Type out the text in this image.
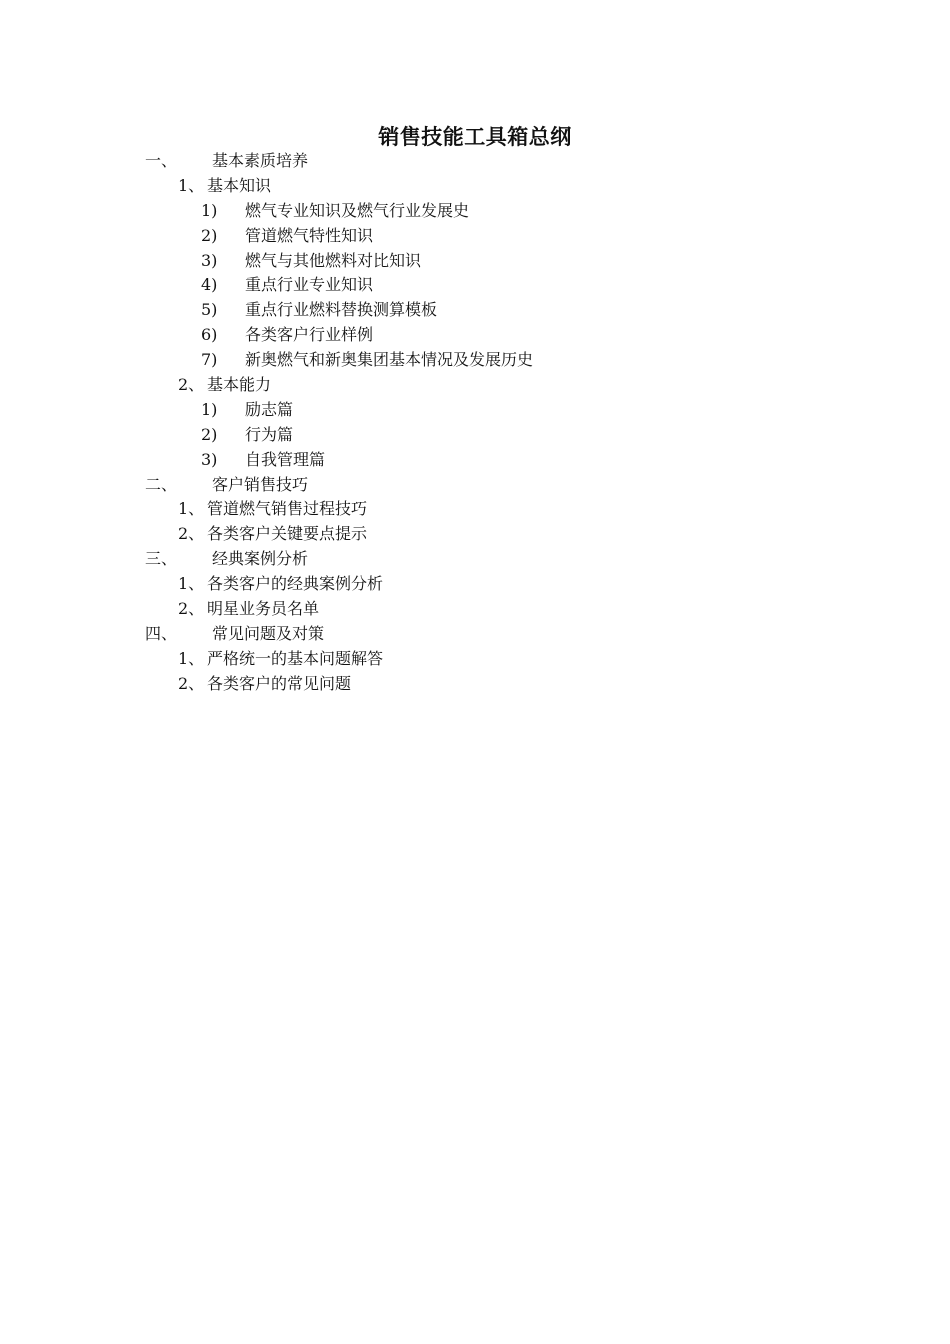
销售技能工具箱总纲
一、 基本素质培养
1、 基本知识
1) 燃气专业知识及燃气行业发展史
2) 管道燃气特性知识
3) 燃气与其他燃料对比知识
4) 重点行业专业知识
5) 重点行业燃料替换测算模板
6) 各类客户行业样例
7) 新奥燃气和新奥集团基本情况及发展历史
2、 基本能力
1) 励志篇
2) 行为篇
3) 自我管理篇
二、 客户销售技巧
1、 管道燃气销售过程技巧
2、 各类客户关键要点提示
三、 经典案例分析
1、 各类客户的经典案例分析
2、 明星业务员名单
四、 常见问题及对策
1、 严格统一的基本问题解答
2、 各类客户的常见问题
